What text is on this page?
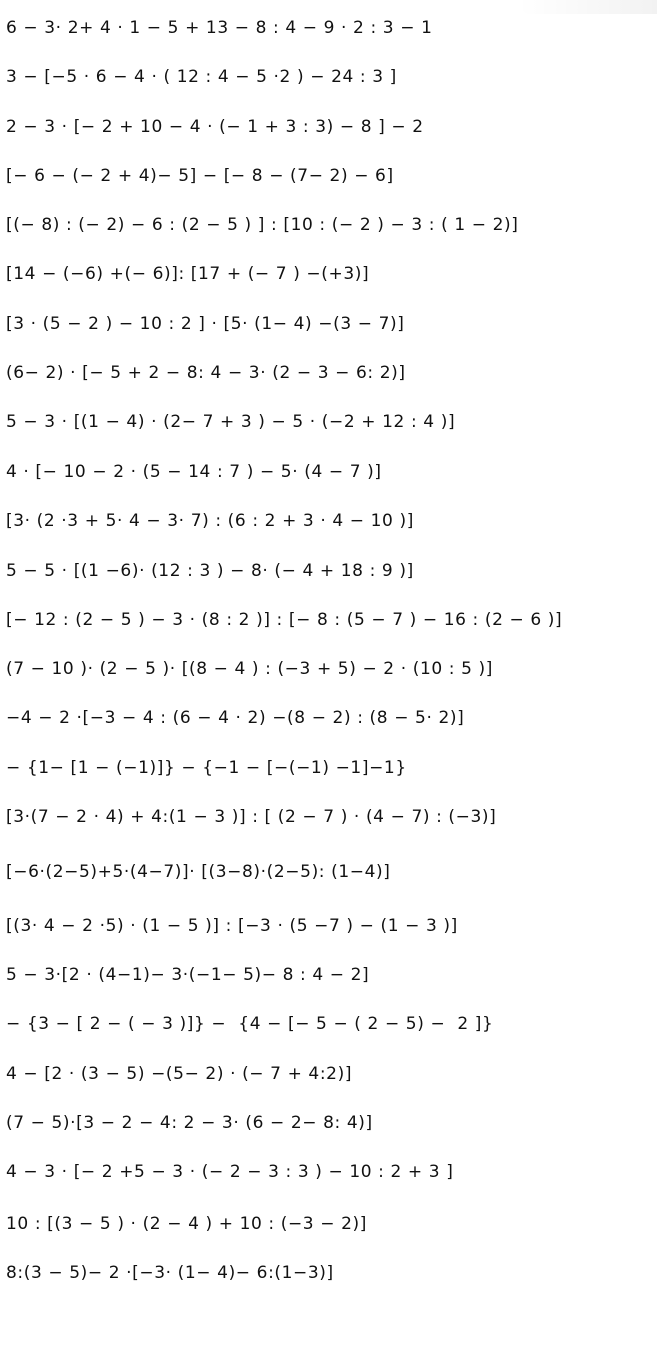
6 − 3· 2+ 4 · 1 − 5 + 13 − 8 : 4 − 9 · 2 : 3 − 1

3 − [−5 · 6 − 4 · ( 12 : 4 − 5 ·2 ) − 24 : 3 ]

2 − 3 · [− 2 + 10 − 4 · (− 1 + 3 : 3) − 8 ] − 2

[− 6 − (− 2 + 4)− 5] − [− 8 − (7− 2) − 6]

[(− 8) : (− 2) − 6 : (2 − 5 ) ] : [10 : (− 2 ) − 3 : ( 1 − 2)]

[14 − (−6) +(− 6)]: [17 + (− 7 ) −(+3)]

[3 · (5 − 2 ) − 10 : 2 ] · [5· (1− 4) −(3 − 7)]

(6− 2) · [− 5 + 2 − 8: 4 − 3· (2 − 3 − 6: 2)]

5 − 3 · [(1 − 4) · (2− 7 + 3 ) − 5 · (−2 + 12 : 4 )]

4 · [− 10 − 2 · (5 − 14 : 7 ) − 5· (4 − 7 )]

[3· (2 ·3 + 5· 4 − 3· 7) : (6 : 2 + 3 · 4 − 10 )]

5 − 5 · [(1 −6)· (12 : 3 ) − 8· (− 4 + 18 : 9 )]

[− 12 : (2 − 5 ) − 3 · (8 : 2 )] : [− 8 : (5 − 7 ) − 16 : (2 − 6 )]

(7 − 10 )· (2 − 5 )· [(8 − 4 ) : (−3 + 5) − 2 · (10 : 5 )]

−4 − 2 ·[−3 − 4 : (6 − 4 · 2) −(8 − 2) : (8 − 5· 2)]

− {1− [1 − (−1)]} − {−1 − [−(−1) −1]−1}

[3·(7 − 2 · 4) + 4:(1 − 3 )] : [ (2 − 7 ) · (4 − 7) : (−3)]

[−6·(2−5)+5·(4−7)]· [(3−8)·(2−5): (1−4)]

[(3· 4 − 2 ·5) · (1 − 5 )] : [−3 · (5 −7 ) − (1 − 3 )]

5 − 3·[2 · (4−1)− 3·(−1− 5)− 8 : 4 − 2]

− {3 − [ 2 − ( − 3 )]} −  {4 − [− 5 − ( 2 − 5) −  2 ]}

4 − [2 · (3 − 5) −(5− 2) · (− 7 + 4:2)]

(7 − 5)·[3 − 2 − 4: 2 − 3· (6 − 2− 8: 4)]

4 − 3 · [− 2 +5 − 3 · (− 2 − 3 : 3 ) − 10 : 2 + 3 ]

10 : [(3 − 5 ) · (2 − 4 ) + 10 : (−3 − 2)]

8:(3 − 5)− 2 ·[−3· (1− 4)− 6:(1−3)]
